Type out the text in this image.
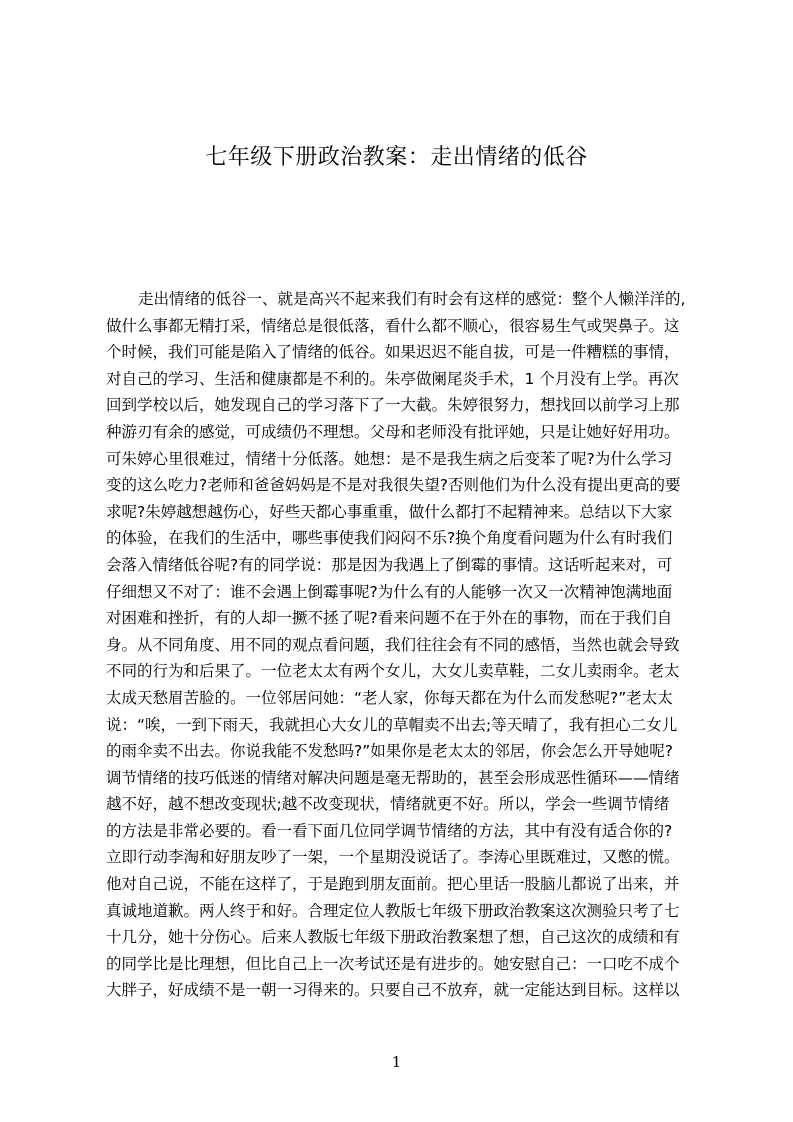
七年级下册政治教案：走出情绪的低谷
走出情绪的低谷一、就是高兴不起来我们有时会有这样的感觉：整个人懒洋洋的,
做什么事都无精打采，情绪总是很低落，看什么都不顺心，很容易生气或哭鼻子。这
个时候，我们可能是陷入了情绪的低谷。如果迟迟不能自拔，可是一件糟糕的事情，
对自己的学习、生活和健康都是不利的。朱亭做阑尾炎手术，1 个月没有上学。再次
回到学校以后，她发现自己的学习落下了一大截。朱婷很努力，想找回以前学习上那
种游刃有余的感觉，可成绩仍不理想。父母和老师没有批评她，只是让她好好用功。
可朱婷心里很难过，情绪十分低落。她想：是不是我生病之后变苯了呢?为什么学习
变的这么吃力?老师和爸爸妈妈是不是对我很失望?否则他们为什么没有提出更高的要
求呢?朱婷越想越伤心，好些天都心事重重，做什么都打不起精神来。总结以下大家
的体验，在我们的生活中，哪些事使我们闷闷不乐?换个角度看问题为什么有时我们
会落入情绪低谷呢?有的同学说：那是因为我遇上了倒霉的事情。这话听起来对，可
仔细想又不对了：谁不会遇上倒霉事呢?为什么有的人能够一次又一次精神饱满地面
对困难和挫折，有的人却一撅不拯了呢?看来问题不在于外在的事物，而在于我们自
身。从不同角度、用不同的观点看问题，我们往往会有不同的感悟，当然也就会导致
不同的行为和后果了。一位老太太有两个女儿，大女儿卖草鞋，二女儿卖雨伞。老太
太成天愁眉苦脸的。一位邻居问她：“老人家，你每天都在为什么而发愁呢?”老太太
说：“唉，一到下雨天，我就担心大女儿的草帽卖不出去;等天晴了，我有担心二女儿
的雨伞卖不出去。你说我能不发愁吗?”如果你是老太太的邻居，你会怎么开导她呢?
调节情绪的技巧低迷的情绪对解决问题是毫无帮助的，甚至会形成恶性循环——情绪
越不好，越不想改变现状;越不改变现状，情绪就更不好。所以，学会一些调节情绪
的方法是非常必要的。看一看下面几位同学调节情绪的方法，其中有没有适合你的?
立即行动李淘和好朋友吵了一架，一个星期没说话了。李涛心里既难过，又憋的慌。
他对自己说，不能在这样了，于是跑到朋友面前。把心里话一股脑儿都说了出来，并
真诚地道歉。两人终于和好。合理定位人教版七年级下册政治教案这次测验只考了七
十几分，她十分伤心。后来人教版七年级下册政治教案想了想，自己这次的成绩和有
的同学比是比理想，但比自己上一次考试还是有进步的。她安慰自己：一口吃不成个
大胖子，好成绩不是一朝一习得来的。只要自己不放弃，就一定能达到目标。这样以
1
